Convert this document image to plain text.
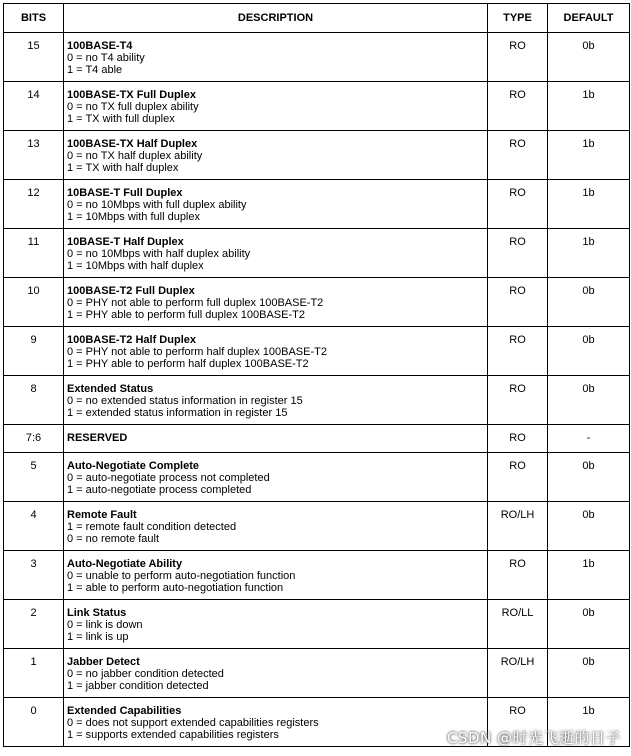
BITS	DESCRIPTION	TYPE	DEFAULT

15	100BASE-T4
0 = no T4 ability
1 = T4 able	RO	0b

14	100BASE-TX Full Duplex
0 = no TX full duplex ability
1 = TX with full duplex	RO	1b

13	100BASE-TX Half Duplex
0 = no TX half duplex ability
1 = TX with half duplex	RO	1b

12	10BASE-T Full Duplex
0 = no 10Mbps with full duplex ability
1 = 10Mbps with full duplex	RO	1b

11	10BASE-T Half Duplex
0 = no 10Mbps with half duplex ability
1 = 10Mbps with half duplex	RO	1b

10	100BASE-T2 Full Duplex
0 = PHY not able to perform full duplex 100BASE-T2
1 = PHY able to perform full duplex 100BASE-T2	RO	0b

9	100BASE-T2 Half Duplex
0 = PHY not able to perform half duplex 100BASE-T2
1 = PHY able to perform half duplex 100BASE-T2	RO	0b

8	Extended Status
0 = no extended status information in register 15
1 = extended status information in register 15	RO	0b

7:6	RESERVED	RO	-

5	Auto-Negotiate Complete
0 = auto-negotiate process not completed
1 = auto-negotiate process completed	RO	0b

4	Remote Fault
1 = remote fault condition detected
0 = no remote fault	RO/LH	0b

3	Auto-Negotiate Ability
0 = unable to perform auto-negotiation function
1 = able to perform auto-negotiation function	RO	1b

2	Link Status
0 = link is down
1 = link is up	RO/LL	0b

1	Jabber Detect
0 = no jabber condition detected
1 = jabber condition detected	RO/LH	0b

0	Extended Capabilities
0 = does not support extended capabilities registers
1 = supports extended capabilities registers	RO	1b
CSDN @时光飞逝的日子
